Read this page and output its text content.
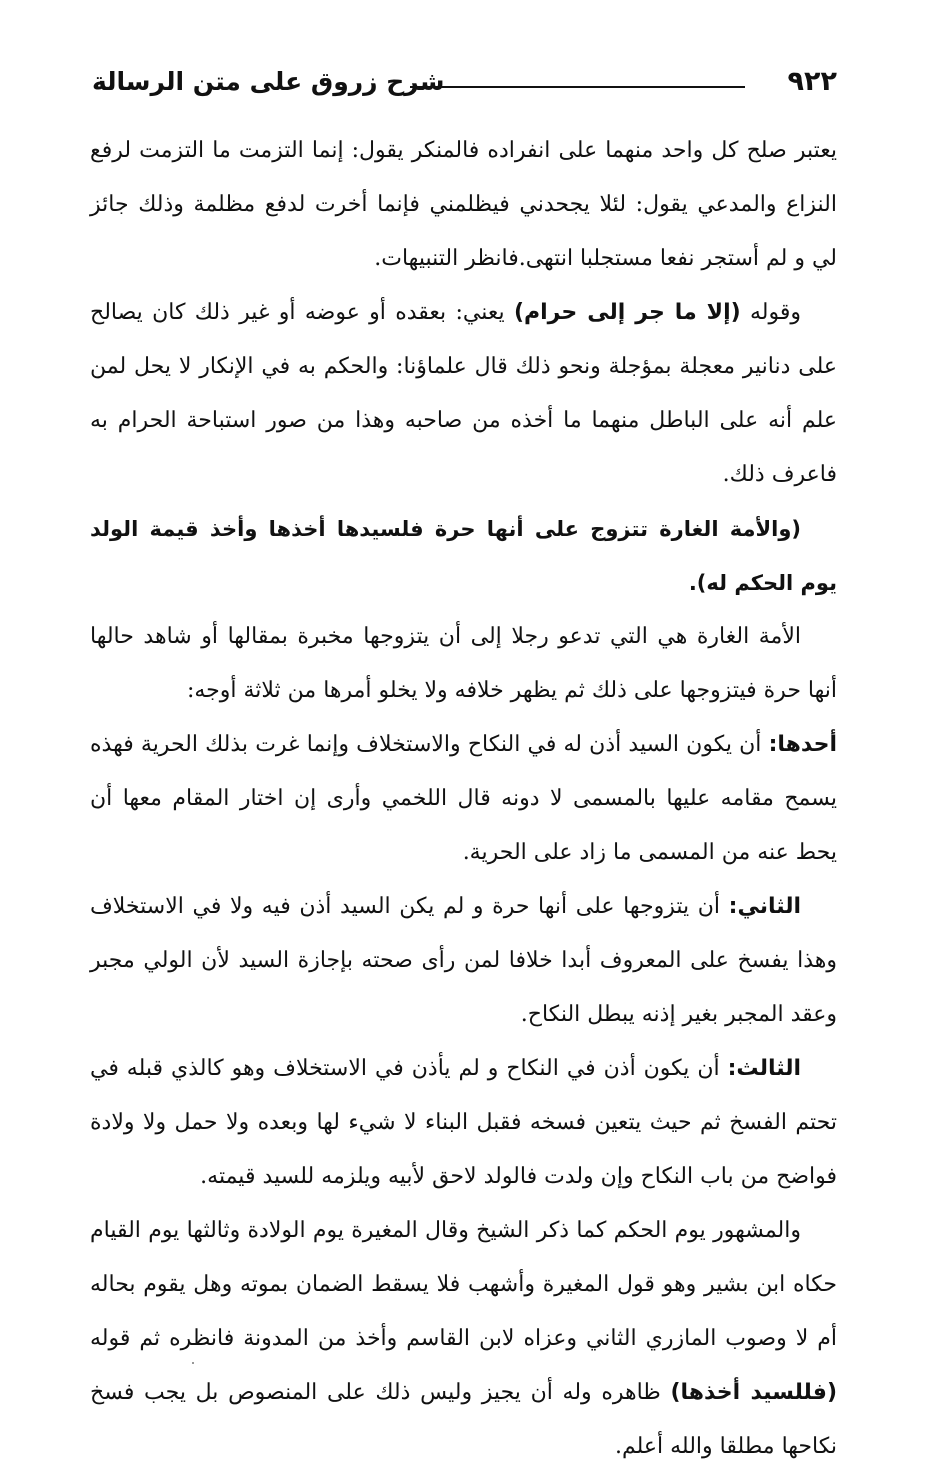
٩٢٢
شرح زروق على متن الرسالة

يعتبر صلح كل واحد منهما على انفراده فالمنكر يقول: إنما التزمت ما التزمت لرفع النزاع والمدعي يقول: لئلا يجحدني فيظلمني فإنما أخرت لدفع مظلمة وذلك جائز لي و لم أستجر نفعا مستجلبا انتهى.فانظر التنبيهات.

وقوله (إلا ما جر إلى حرام) يعني: بعقده أو عوضه أو غير ذلك كان يصالح على دنانير معجلة بمؤجلة ونحو ذلك قال علماؤنا: والحكم به في الإنكار لا يحل لمن علم أنه على الباطل منهما ما أخذه من صاحبه وهذا من صور استباحة الحرام به فاعرف ذلك.

(والأمة الغارة تتزوج على أنها حرة فلسيدها أخذها وأخذ قيمة الولد يوم الحكم له).

الأمة الغارة هي التي تدعو رجلا إلى أن يتزوجها مخبرة بمقالها أو شاهد حالها أنها حرة فيتزوجها على ذلك ثم يظهر خلافه ولا يخلو أمرها من ثلاثة أوجه:

أحدها: أن يكون السيد أذن له في النكاح والاستخلاف وإنما غرت بذلك الحرية فهذه يسمح مقامه عليها بالمسمى لا دونه قال اللخمي وأرى إن اختار المقام معها أن يحط عنه من المسمى ما زاد على الحرية.

الثاني: أن يتزوجها على أنها حرة و لم يكن السيد أذن فيه ولا في الاستخلاف وهذا يفسخ على المعروف أبدا خلافا لمن رأى صحته بإجازة السيد لأن الولي مجبر وعقد المجبر بغير إذنه يبطل النكاح.

الثالث: أن يكون أذن في النكاح و لم يأذن في الاستخلاف وهو كالذي قبله في تحتم الفسخ ثم حيث يتعين فسخه فقبل البناء لا شيء لها وبعده ولا حمل ولا ولادة فواضح من باب النكاح وإن ولدت فالولد لاحق لأبيه ويلزمه للسيد قيمته.

والمشهور يوم الحكم كما ذكر الشيخ وقال المغيرة يوم الولادة وثالثها يوم القيام حكاه ابن بشير وهو قول المغيرة وأشهب فلا يسقط الضمان بموته وهل يقوم بحاله أم لا وصوب المازري الثاني وعزاه لابن القاسم وأخذ من المدونة فانظره ثم قوله (فللسيد أخذها) ظاهره وله أن يجيز وليس ذلك على المنصوص بل يجب فسخ نكاحها مطلقا والله أعلم.
